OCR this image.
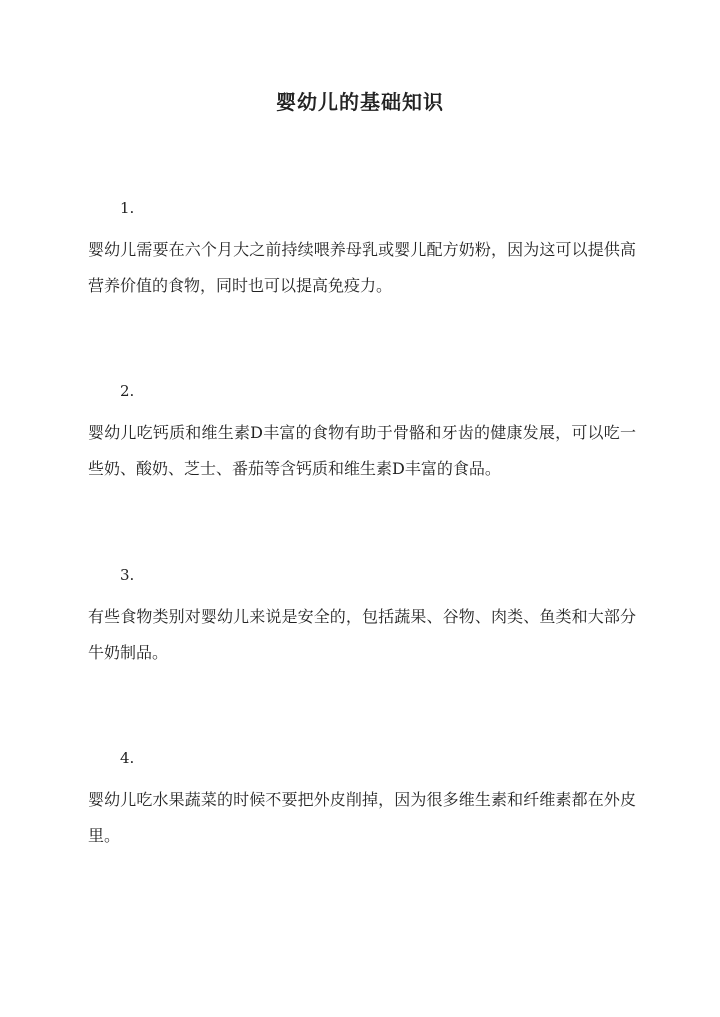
婴幼儿的基础知识
1.

婴幼儿需要在六个月大之前持续喂养母乳或婴儿配方奶粉，因为这可以提供高营养价值的食物，同时也可以提高免疫力。

2.

婴幼儿吃钙质和维生素D丰富的食物有助于骨骼和牙齿的健康发展，可以吃一些奶、酸奶、芝士、番茄等含钙质和维生素D丰富的食品。

3.

有些食物类别对婴幼儿来说是安全的，包括蔬果、谷物、肉类、鱼类和大部分牛奶制品。

4.

婴幼儿吃水果蔬菜的时候不要把外皮削掉，因为很多维生素和纤维素都在外皮里。
